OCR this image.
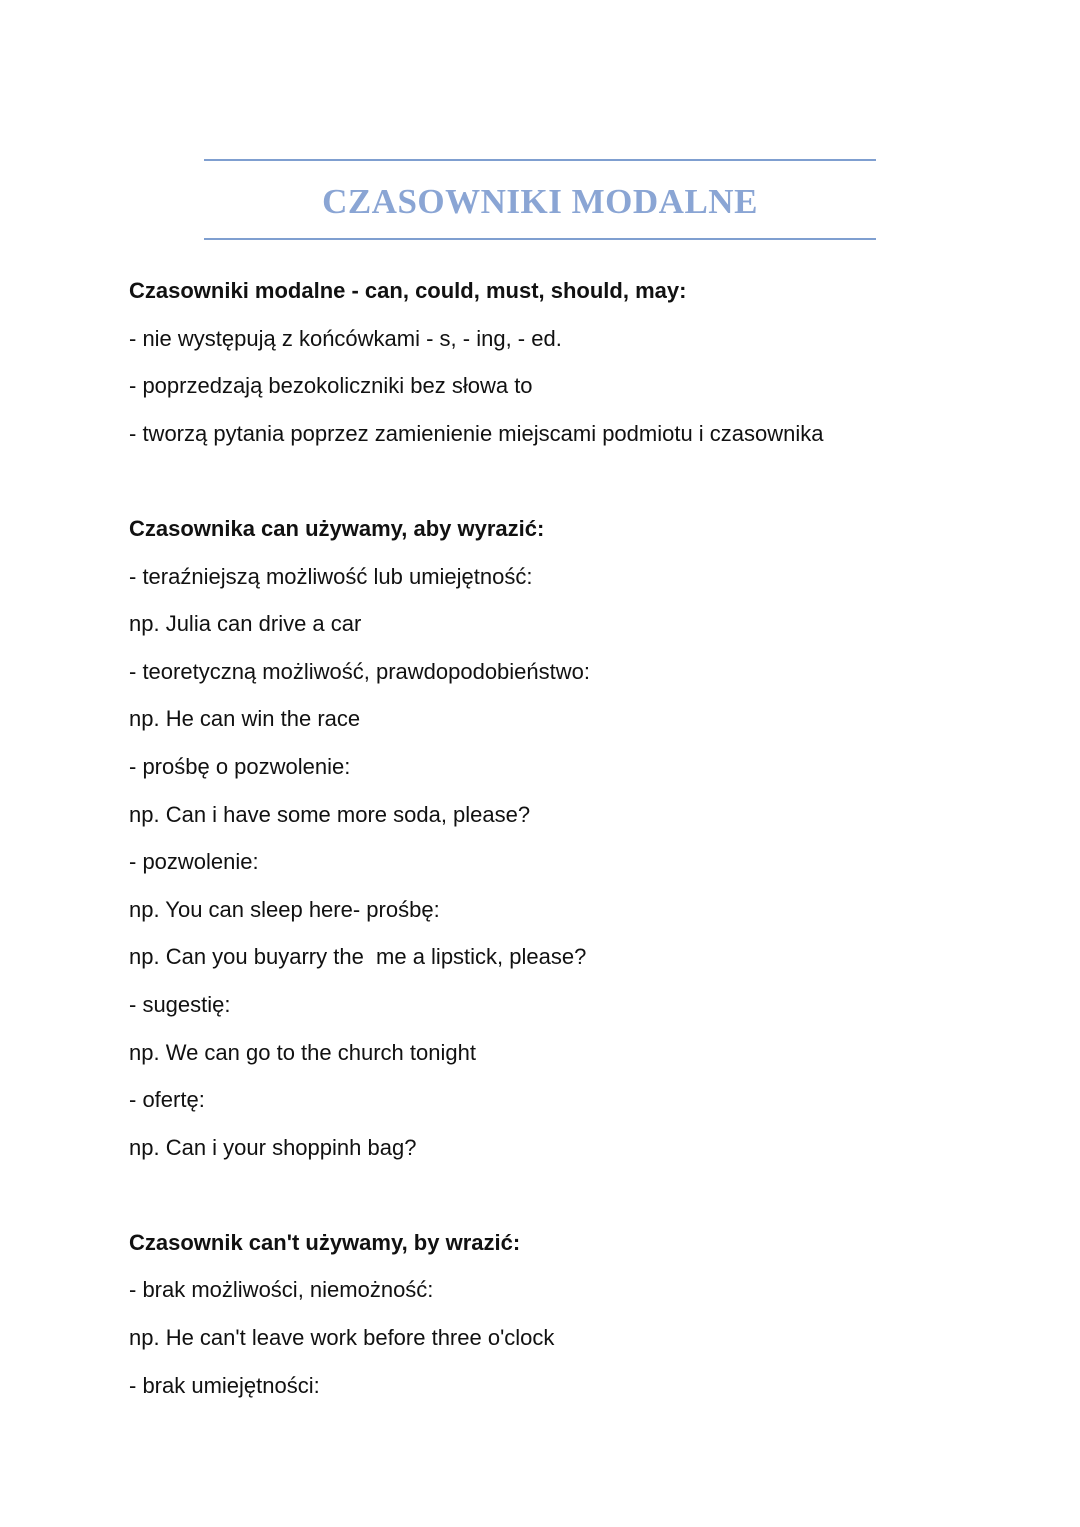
CZASOWNIKI MODALNE

Czasowniki modalne - can, could, must, should, may:

- nie występują z końcówkami - s, - ing, - ed.

- poprzedzają bezokoliczniki bez słowa to

- tworzą pytania poprzez zamienienie miejscami podmiotu i czasownika

Czasownika can używamy, aby wyrazić:

- teraźniejszą możliwość lub umiejętność:

np. Julia can drive a car

- teoretyczną możliwość, prawdopodobieństwo:

np. He can win the race

- prośbę o pozwolenie:

np. Can i have some more soda, please?

- pozwolenie:

np. You can sleep here- prośbę:

np. Can you buyarry the  me a lipstick, please?

- sugestię:

np. We can go to the church tonight

- ofertę:

np. Can i your shoppinh bag?

Czasownik can't używamy, by wrazić:

- brak możliwości, niemożność:

np. He can't leave work before three o'clock

- brak umiejętności:
